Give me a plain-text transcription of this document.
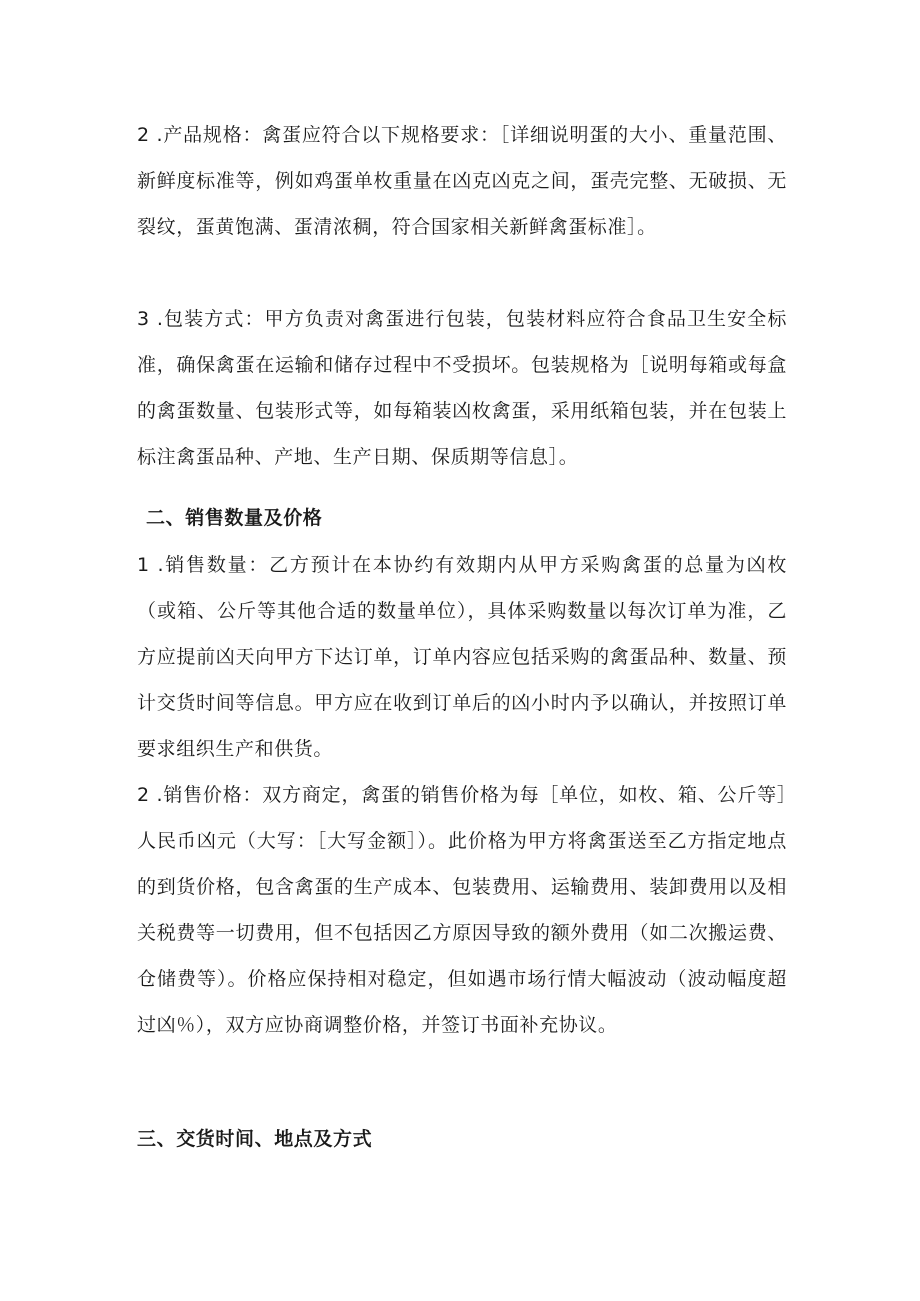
2 .产品规格：禽蛋应符合以下规格要求：［详细说明蛋的大小、重量范围、新鲜度标准等，例如鸡蛋单枚重量在凶克凶克之间，蛋壳完整、无破损、无裂纹，蛋黄饱满、蛋清浓稠，符合国家相关新鲜禽蛋标准］。

3 .包装方式：甲方负责对禽蛋进行包装，包装材料应符合食品卫生安全标准，确保禽蛋在运输和储存过程中不受损坏。包装规格为［说明每箱或每盒的禽蛋数量、包装形式等，如每箱装凶枚禽蛋，采用纸箱包装，并在包装上标注禽蛋品种、产地、生产日期、保质期等信息］。

二、销售数量及价格

1 .销售数量：乙方预计在本协约有效期内从甲方采购禽蛋的总量为凶枚（或箱、公斤等其他合适的数量单位），具体采购数量以每次订单为准，乙方应提前凶天向甲方下达订单，订单内容应包括采购的禽蛋品种、数量、预计交货时间等信息。甲方应在收到订单后的凶小时内予以确认，并按照订单要求组织生产和供货。

2 .销售价格：双方商定，禽蛋的销售价格为每［单位，如枚、箱、公斤等］人民币凶元（大写：［大写金额］）。此价格为甲方将禽蛋送至乙方指定地点的到货价格，包含禽蛋的生产成本、包装费用、运输费用、装卸费用以及相关税费等一切费用，但不包括因乙方原因导致的额外费用（如二次搬运费、仓储费等）。价格应保持相对稳定，但如遇市场行情大幅波动（波动幅度超过凶％），双方应协商调整价格，并签订书面补充协议。

三、交货时间、地点及方式
